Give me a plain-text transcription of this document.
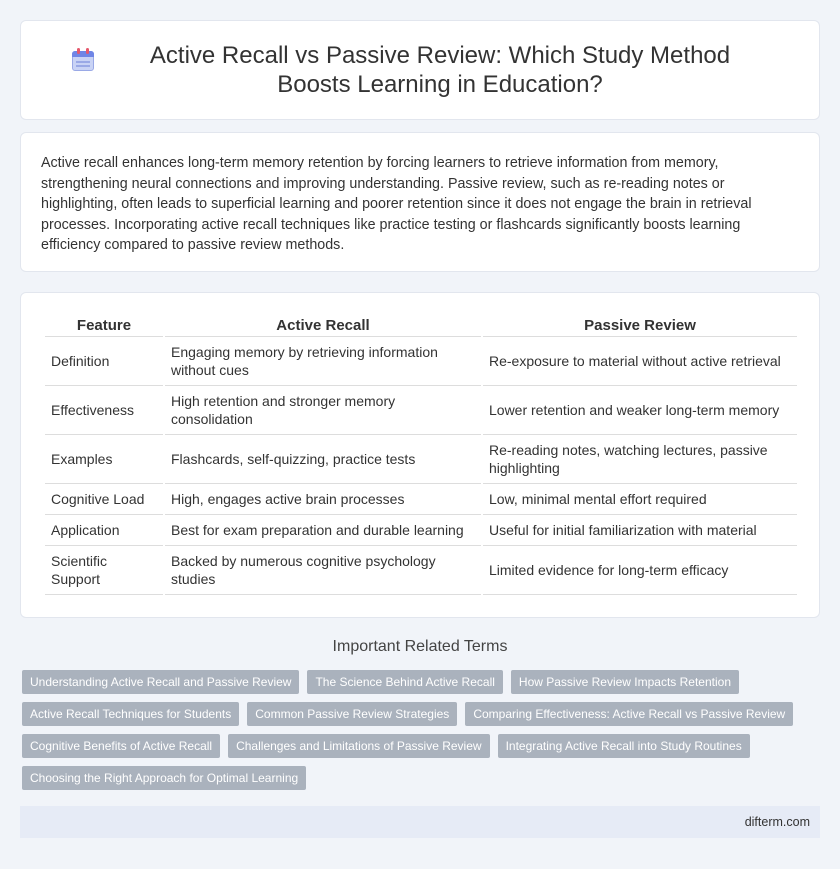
Active Recall vs Passive Review: Which Study Method Boosts Learning in Education?

Active recall enhances long-term memory retention by forcing learners to retrieve information from memory, strengthening neural connections and improving understanding. Passive review, such as re-reading notes or highlighting, often leads to superficial learning and poorer retention since it does not engage the brain in retrieval processes. Incorporating active recall techniques like practice testing or flashcards significantly boosts learning efficiency compared to passive review methods.

Feature	Active Recall	Passive Review
Definition	Engaging memory by retrieving information without cues	Re-exposure to material without active retrieval
Effectiveness	High retention and stronger memory consolidation	Lower retention and weaker long-term memory
Examples	Flashcards, self-quizzing, practice tests	Re-reading notes, watching lectures, passive highlighting
Cognitive Load	High, engages active brain processes	Low, minimal mental effort required
Application	Best for exam preparation and durable learning	Useful for initial familiarization with material
Scientific Support	Backed by numerous cognitive psychology studies	Limited evidence for long-term efficacy
Important Related Terms
Understanding Active Recall and Passive Review	The Science Behind Active Recall	How Passive Review Impacts Retention
Active Recall Techniques for Students	Common Passive Review Strategies	Comparing Effectiveness: Active Recall vs Passive Review
Cognitive Benefits of Active Recall	Challenges and Limitations of Passive Review	Integrating Active Recall into Study Routines
Choosing the Right Approach for Optimal Learning
difterm.com
